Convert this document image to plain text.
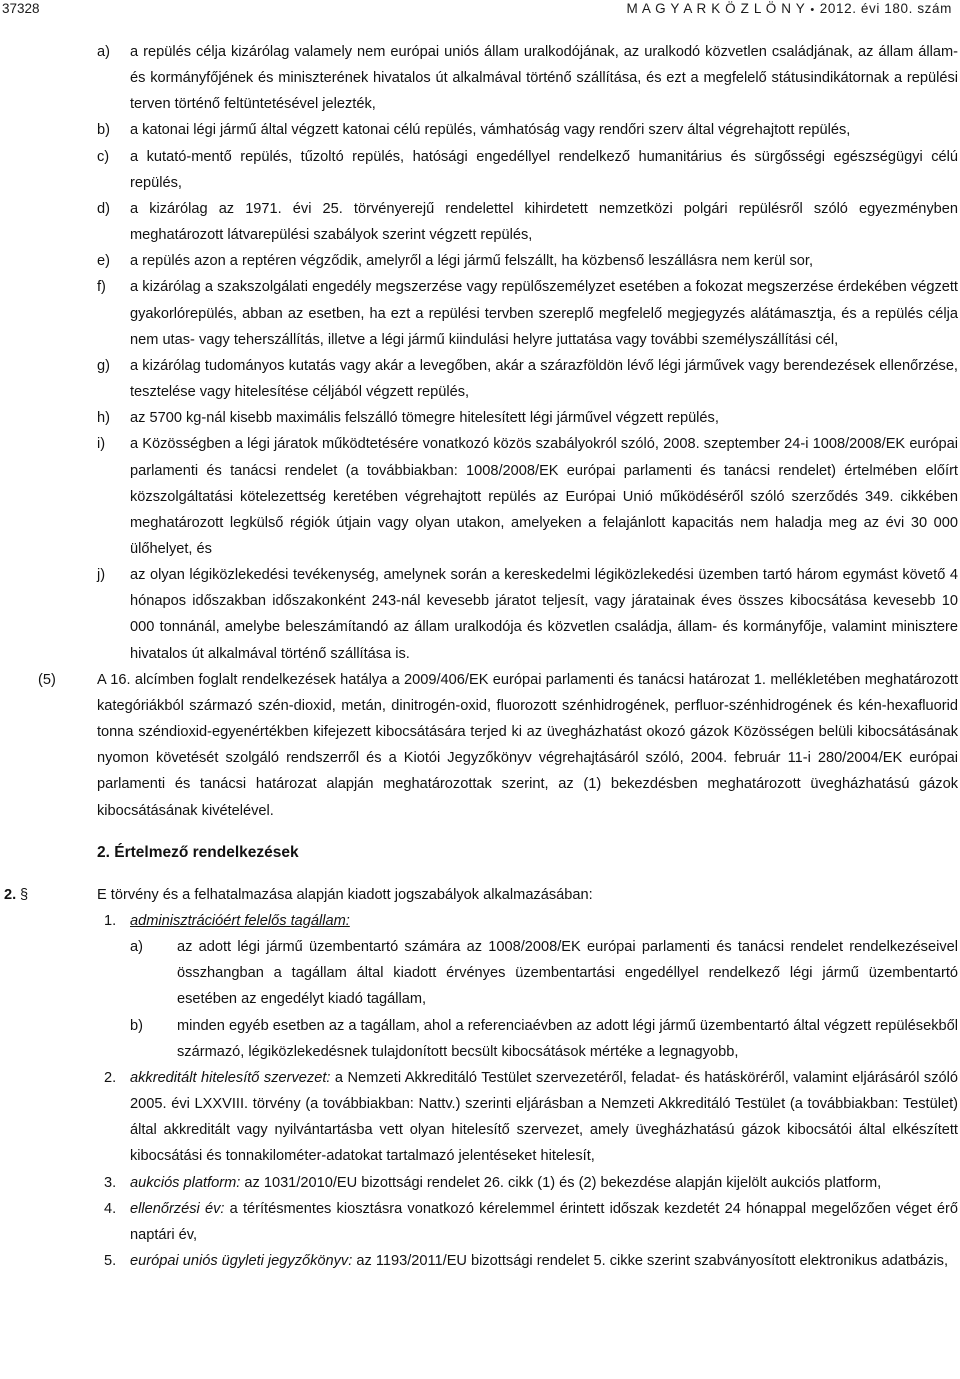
37328	M A G Y A R K Ö Z L Ö N Y • 2012. évi 180. szám
a) a repülés célja kizárólag valamely nem európai uniós állam uralkodójának, az uralkodó közvetlen családjának, az állam állam- és kormányfőjének és miniszterének hivatalos út alkalmával történő szállítása, és ezt a megfelelő státusindikátornak a repülési terven történő feltüntetésével jelezték,
b) a katonai légi jármű által végzett katonai célú repülés, vámhatóság vagy rendőri szerv által végrehajtott repülés,
c) a kutató-mentő repülés, tűzoltó repülés, hatósági engedéllyel rendelkező humanitárius és sürgősségi egészségügyi célú repülés,
d) a kizárólag az 1971. évi 25. törvényerejű rendelettel kihirdetett nemzetközi polgári repülésről szóló egyezményben meghatározott látvarepülési szabályok szerint végzett repülés,
e) a repülés azon a reptéren végződik, amelyről a légi jármű felszállt, ha közbenső leszállásra nem kerül sor,
f) a kizárólag a szakszolgálati engedély megszerzése vagy repülőszemélyzet esetében a fokozat megszerzése érdekében végzett gyakorlórepülés, abban az esetben, ha ezt a repülési tervben szereplő megfelelő megjegyzés alátámasztja, és a repülés célja nem utas- vagy teherszállítás, illetve a légi jármű kiindulási helyre juttatása vagy további személyszállítási cél,
g) a kizárólag tudományos kutatás vagy akár a levegőben, akár a szárazföldön lévő légi járművek vagy berendezések ellenőrzése, tesztelése vagy hitelesítése céljából végzett repülés,
h) az 5700 kg-nál kisebb maximális felszálló tömegre hitelesített légi járművel végzett repülés,
i) a Közösségben a légi járatok működtetésére vonatkozó közös szabályokról szóló, 2008. szeptember 24-i 1008/2008/EK európai parlamenti és tanácsi rendelet (a továbbiakban: 1008/2008/EK európai parlamenti és tanácsi rendelet) értelmében előírt közszolgáltatási kötelezettség keretében végrehajtott repülés az Európai Unió működéséről szóló szerződés 349. cikkében meghatározott legkülső régiók útjain vagy olyan utakon, amelyeken a felajánlott kapacitás nem haladja meg az évi 30 000 ülőhelyet, és
j) az olyan légiközlekedési tevékenység, amelynek során a kereskedelmi légiközlekedési üzemben tartó három egymást követő 4 hónapos időszakban időszakonként 243-nál kevesebb járatot teljesít, vagy járatainak éves összes kibocsátása kevesebb 10 000 tonnánál, amelybe beleszámítandó az állam uralkodója és közvetlen családja, állam- és kormányfője, valamint minisztere hivatalos út alkalmával történő szállítása is.
(5)	A 16. alcímben foglalt rendelkezések hatálya a 2009/406/EK európai parlamenti és tanácsi határozat 1. mellékletében meghatározott kategóriákból származó szén-dioxid, metán, dinitrogén-oxid, fluorozott szénhidrogének, perfluor-szénhidrogének és kén-hexafluorid tonna széndioxid-egyenértékben kifejezett kibocsátására terjed ki az üvegházhatást okozó gázok Közösségen belüli kibocsátásának nyomon követését szolgáló rendszerről és a Kiotói Jegyzőkönyv végrehajtásáról szóló, 2004. február 11-i 280/2004/EK európai parlamenti és tanácsi határozat alapján meghatározottak szerint, az (1) bekezdésben meghatározott üvegházhatású gázok kibocsátásának kivételével.
2. Értelmező rendelkezések
2. §	E törvény és a felhatalmazása alapján kiadott jogszabályok alkalmazásában:
1. adminisztrációért felelős tagállam:
a) az adott légi jármű üzembentartó számára az 1008/2008/EK európai parlamenti és tanácsi rendelet rendelkezéseivel összhangban a tagállam által kiadott érvényes üzembentartási engedéllyel rendelkező légi jármű üzembentartó esetében az engedélyt kiadó tagállam,
b) minden egyéb esetben az a tagállam, ahol a referenciaévben az adott légi jármű üzembentartó által végzett repülésekből származó, légiközlekedésnek tulajdonított becsült kibocsátások mértéke a legnagyobb,
2. akkreditált hitelesítő szervezet: a Nemzeti Akkreditáló Testület szervezetéről, feladat- és hatásköréről, valamint eljárásáról szóló 2005. évi LXXVIII. törvény (a továbbiakban: Nattv.) szerinti eljárásban a Nemzeti Akkreditáló Testület (a továbbiakban: Testület) által akkreditált vagy nyilvántartásba vett olyan hitelesítő szervezet, amely üvegházhatású gázok kibocsátói által elkészített kibocsátási és tonnakilométer-adatokat tartalmazó jelentéseket hitelesít,
3. aukciós platform: az 1031/2010/EU bizottsági rendelet 26. cikk (1) és (2) bekezdése alapján kijelölt aukciós platform,
4. ellenőrzési év: a térítésmentes kiosztásra vonatkozó kérelemmel érintett időszak kezdetét 24 hónappal megelőzően véget érő naptári év,
5. európai uniós ügyleti jegyzőkönyv: az 1193/2011/EU bizottsági rendelet 5. cikke szerint szabványosított elektronikus adatbázis,
